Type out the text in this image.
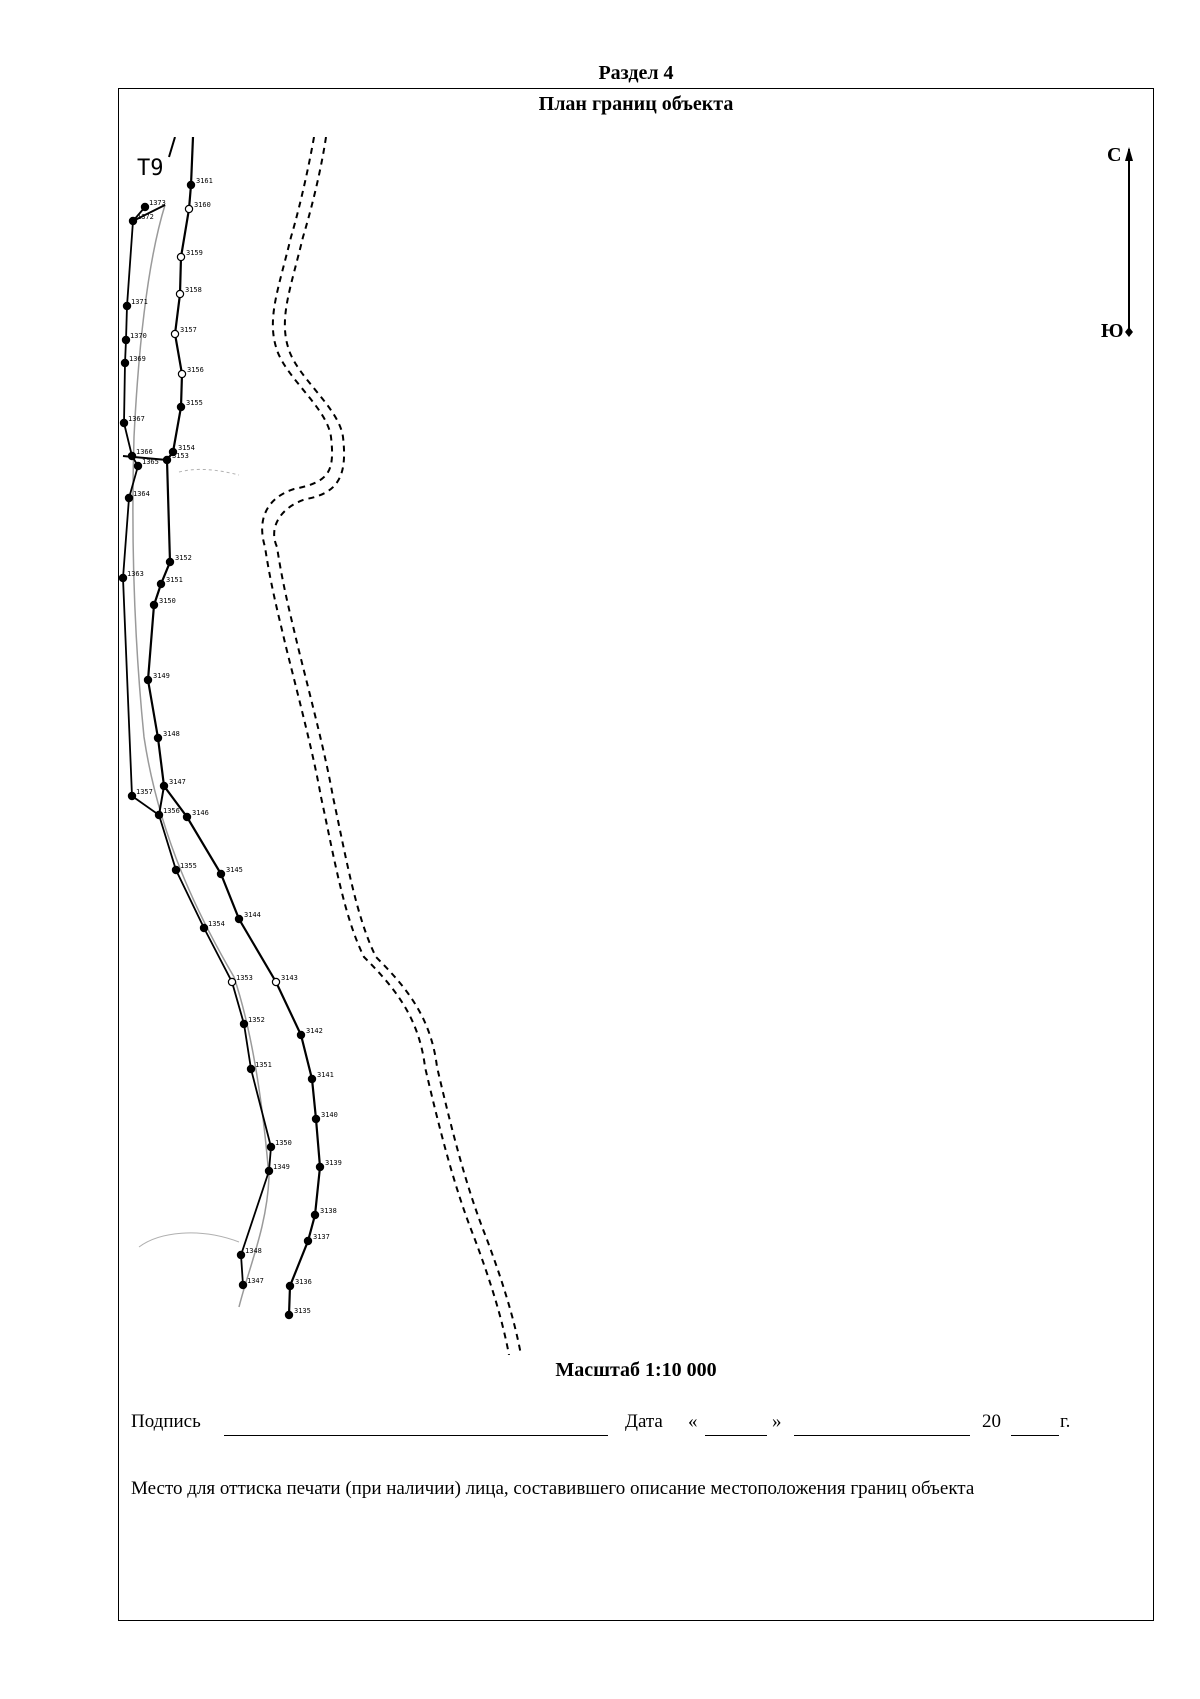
Раздел 4
План границ объекта
3161
3160
3159
3158
3157
3156
3155
3154
3153
3152
3151
3150
3149
3148
3147
3146
3145
3144
3143
3142
3141
3140
3139
3138
3137
3136
3135
1373
1372
1371
1370
1369
1367
1366
1365
1364
1363
1357
1356
1355
1354
1353
1352
1351
1350
1349
1348
1347
Т9
С
Ю
Масштаб 1:10 000
Подпись	Дата «	»	20	г.
Место для оттиска печати (при наличии) лица, составившего описание местоположения границ объекта
